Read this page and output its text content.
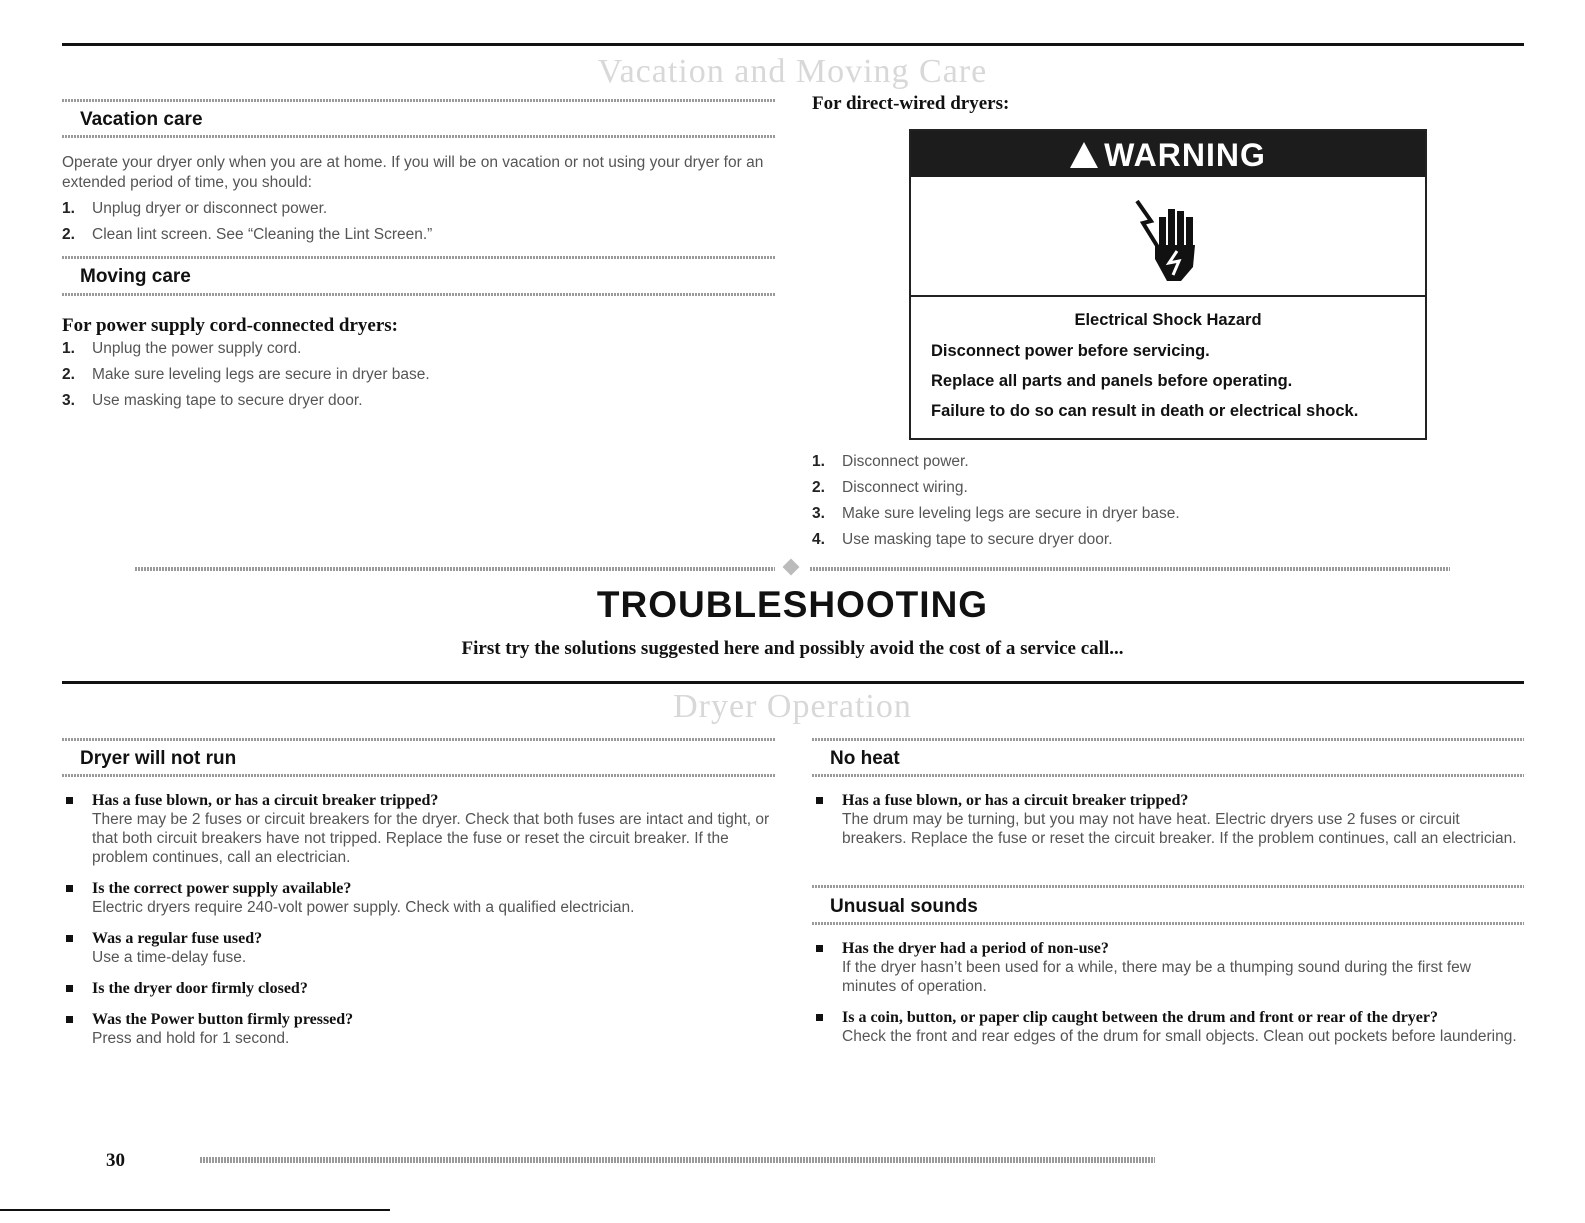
Vacation and Moving Care
Vacation care
Operate your dryer only when you are at home. If you will be on vacation or not using your dryer for an extended period of time, you should:
1. Unplug dryer or disconnect power.
2. Clean lint screen. See “Cleaning the Lint Screen.”
Moving care
For power supply cord-connected dryers:
1. Unplug the power supply cord.
2. Make sure leveling legs are secure in dryer base.
3. Use masking tape to secure dryer door.
For direct-wired dryers:
WARNING
Electrical Shock Hazard
Disconnect power before servicing.
Replace all parts and panels before operating.
Failure to do so can result in death or electrical shock.
1. Disconnect power.
2. Disconnect wiring.
3. Make sure leveling legs are secure in dryer base.
4. Use masking tape to secure dryer door.
TROUBLESHOOTING
First try the solutions suggested here and possibly avoid the cost of a service call...
Dryer Operation
Dryer will not run
Has a fuse blown, or has a circuit breaker tripped?
There may be 2 fuses or circuit breakers for the dryer. Check that both fuses are intact and tight, or that both circuit breakers have not tripped. Replace the fuse or reset the circuit breaker. If the problem continues, call an electrician.
Is the correct power supply available?
Electric dryers require 240-volt power supply. Check with a qualified electrician.
Was a regular fuse used?
Use a time-delay fuse.
Is the dryer door firmly closed?
Was the Power button firmly pressed?
Press and hold for 1 second.
No heat
Has a fuse blown, or has a circuit breaker tripped?
The drum may be turning, but you may not have heat. Electric dryers use 2 fuses or circuit breakers. Replace the fuse or reset the circuit breaker. If the problem continues, call an electrician.
Unusual sounds
Has the dryer had a period of non-use?
If the dryer hasn’t been used for a while, there may be a thumping sound during the first few minutes of operation.
Is a coin, button, or paper clip caught between the drum and front or rear of the dryer?
Check the front and rear edges of the drum for small objects. Clean out pockets before laundering.
30
